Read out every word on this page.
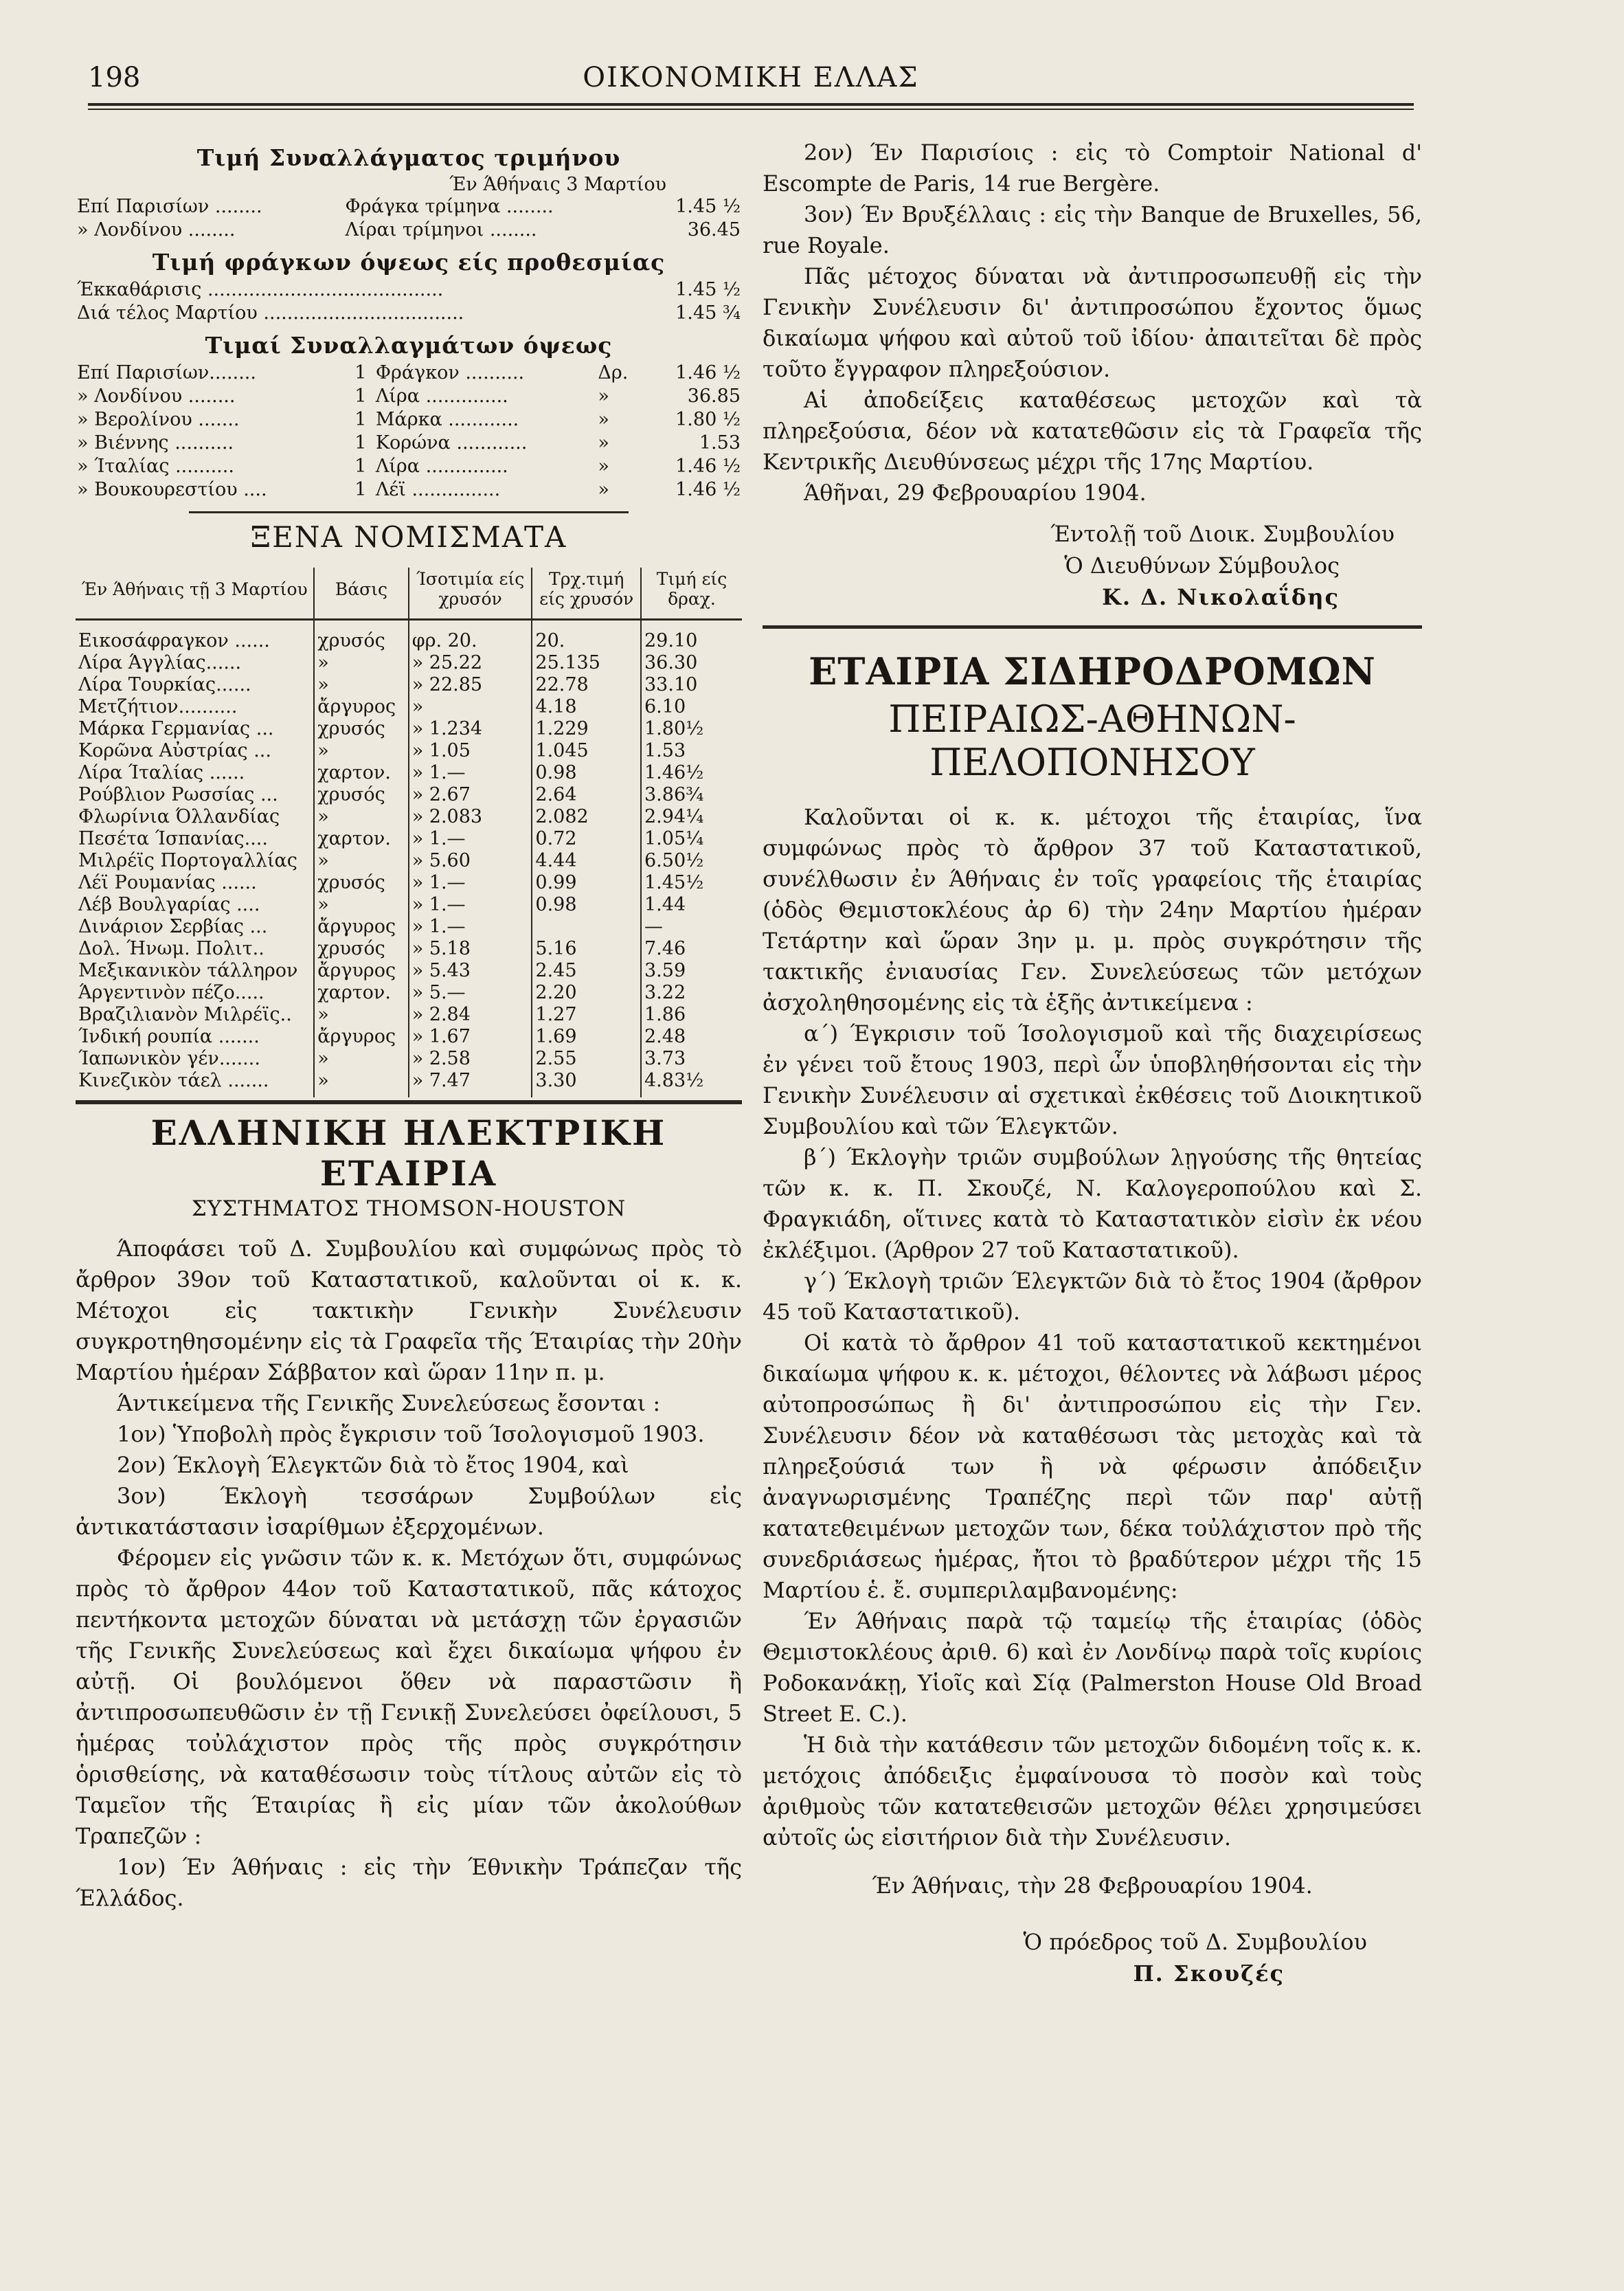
198	ΟΙΚΟΝΟΜΙΚΗ ΕΛΛΑΣ
Τιμή Συναλλάγματος τριμήνου
Έν Άθήναις 3 Μαρτίου
Επί Παρισίων ........	Φράγκα τρίμηνα ........	1.45 ½
» Λονδίνου ........	Λίραι τρίμηνοι ........	36.45
Τιμή φράγκων όψεως είς προθεσμίας
Έκκαθάρισις ........................................	1.45 ½
Διά τέλος Μαρτίου ..................................	1.45 ¾
Τιμαί Συναλλαγμάτων όψεως
Επί Παρισίων........	1	Φράγκον ..........	Δρ.	1.46 ½
» Λονδίνου ........	1	Λίρα ..............	»	36.85
» Βερολίνου .......	1	Μάρκα ............	»	1.80 ½
» Βιέννης ..........	1	Κορώνα ............	»	1.53
» Ίταλίας ..........	1	Λίρα ..............	»	1.46 ½
» Βουκουρεστίου ....	1	Λέϊ ...............	»	1.46 ½
ΞΕΝΑ ΝΟΜΙΣΜΑΤΑ
Έν Άθήναις τῇ 3 Μαρτίου	Βάσις	Ίσοτιμία είς χρυσόν	Τρχ.τιμή είς χρυσόν	Τιμή είς δραχ.
Εικοσάφραγκον ......	χρυσός	φρ. 20.	20.	29.10
Λίρα Άγγλίας......	»	» 25.22	25.135	36.30
Λίρα Τουρκίας......	»	» 22.85	22.78	33.10
Μετζήτιον..........	ἄργυρος	»	4.18	6.10
Μάρκα Γερμανίας ...	χρυσός	» 1.234	1.229	1.80½
Κορῶνα Αὐστρίας ...	»	» 1.05	1.045	1.53
Λίρα Ίταλίας ......	χαρτον.	» 1.—	0.98	1.46½
Ρούβλιον Ρωσσίας ...	χρυσός	» 2.67	2.64	3.86¾
Φλωρίνια Όλλανδίας	»	» 2.083	2.082	2.94¼
Πεσέτα Ίσπανίας....	χαρτον.	» 1.—	0.72	1.05¼
Μιλρέϊς Πορτογαλλίας	»	» 5.60	4.44	6.50½
Λέϊ Ρουμανίας ......	χρυσός	» 1.—	0.99	1.45½
Λέβ Βουλγαρίας ....	»	» 1.—	0.98	1.44
Δινάριον Σερβίας ...	ἄργυρος	» 1.—		—
Δολ. Ήνωμ. Πολιτ..	χρυσός	» 5.18	5.16	7.46
Μεξικανικὸν τάλληρον	ἄργυρος	» 5.43	2.45	3.59
Άργεντινὸν πέζο.....	χαρτον.	» 5.—	2.20	3.22
Βραζιλιανὸν Μιλρέϊς..	»	» 2.84	1.27	1.86
Ίνδική ρουπία .......	ἄργυρος	» 1.67	1.69	2.48
Ίαπωνικὸν γέν.......	»	» 2.58	2.55	3.73
Κινεζικὸν τάελ .......	»	» 7.47	3.30	4.83½
ΕΛΛΗΝΙΚΗ ΗΛΕΚΤΡΙΚΗ ΕΤΑΙΡΙΑ
ΣΥΣΤΗΜΑΤΟΣ THOMSON-HOUSTON

Άποφάσει τοῦ Δ. Συμβουλίου καὶ συμφώνως πρὸς τὸ ἄρθρον 39ον τοῦ Καταστατικοῦ, καλοῦνται οἱ κ. κ. Μέτοχοι εἰς τακτικὴν Γενικὴν Συνέλευσιν συγκροτηθησομένην εἰς τὰ Γραφεῖα τῆς Έταιρίας τὴν 20ὴν Μαρτίου ἡμέραν Σάββατον καὶ ὥραν 11ην π. μ.

Άντικείμενα τῆς Γενικῆς Συνελεύσεως ἔσονται :

1ον) Ὑποβολὴ πρὸς ἔγκρισιν τοῦ Ίσολογισμοῦ 1903.

2ον) Έκλογὴ Έλεγκτῶν διὰ τὸ ἔτος 1904, καὶ

3ον) Έκλογὴ τεσσάρων Συμβούλων εἰς ἀντικατάστασιν ἰσαρίθμων ἐξερχομένων.

Φέρομεν εἰς γνῶσιν τῶν κ. κ. Μετόχων ὅτι, συμφώνως πρὸς τὸ ἄρθρον 44ον τοῦ Καταστατικοῦ, πᾶς κάτοχος πεντήκοντα μετοχῶν δύναται νὰ μετάσχῃ τῶν ἐργασιῶν τῆς Γενικῆς Συνελεύσεως καὶ ἔχει δικαίωμα ψήφου ἐν αὐτῇ. Οἱ βουλόμενοι ὅθεν νὰ παραστῶσιν ἢ ἀντιπροσωπευθῶσιν ἐν τῇ Γενικῇ Συνελεύσει ὀφείλουσι, 5 ἡμέρας τοὐλάχιστον πρὸς τῆς πρὸς συγκρότησιν ὁρισθείσης, νὰ καταθέσωσιν τοὺς τίτλους αὐτῶν εἰς τὸ Ταμεῖον τῆς Έταιρίας ἢ εἰς μίαν τῶν ἀκολούθων Τραπεζῶν :

1ον) Έν Άθήναις : εἰς τὴν Έθνικὴν Τράπεζαν τῆς Έλλάδος.

2ον) Έν Παρισίοις : εἰς τὸ Comptoir National d' Escompte de Paris, 14 rue Bergère.

3ον) Έν Βρυξέλλαις : εἰς τὴν Banque de Bruxelles, 56, rue Royale.

Πᾶς μέτοχος δύναται νὰ ἀντιπροσωπευθῇ εἰς τὴν Γενικὴν Συνέλευσιν δι' ἀντιπροσώπου ἔχοντος ὅμως δικαίωμα ψήφου καὶ αὐτοῦ τοῦ ἰδίου· ἀπαιτεῖται δὲ πρὸς τοῦτο ἔγγραφον πληρεξούσιον.

Αἱ ἀποδείξεις καταθέσεως μετοχῶν καὶ τὰ πληρεξούσια, δέον νὰ κατατεθῶσιν εἰς τὰ Γραφεῖα τῆς Κεντρικῆς Διευθύνσεως μέχρι τῆς 17ης Μαρτίου.

Άθῆναι, 29 Φεβρουαρίου 1904.

Έντολῇ τοῦ Διοικ. Συμβουλίου
Ὁ Διευθύνων Σύμβουλος
Κ. Δ. Νικολαΐδης
ΕΤΑΙΡΙΑ ΣΙΔΗΡΟΔΡΟΜΩΝ
ΠΕΙΡΑΙΩΣ-ΑΘΗΝΩΝ-ΠΕΛΟΠΟΝΗΣΟΥ

Καλοῦνται οἱ κ. κ. μέτοχοι τῆς ἑταιρίας, ἵνα συμφώνως πρὸς τὸ ἄρθρον 37 τοῦ Καταστατικοῦ, συνέλθωσιν ἐν Άθήναις ἐν τοῖς γραφείοις τῆς ἑταιρίας (ὁδὸς Θεμιστοκλέους ἀρ 6) τὴν 24ην Μαρτίου ἡμέραν Τετάρτην καὶ ὥραν 3ην μ. μ. πρὸς συγκρότησιν τῆς τακτικῆς ἐνιαυσίας Γεν. Συνελεύσεως τῶν μετόχων ἀσχοληθησομένης εἰς τὰ ἑξῆς ἀντικείμενα :

α´) Έγκρισιν τοῦ Ίσολογισμοῦ καὶ τῆς διαχειρίσεως ἐν γένει τοῦ ἔτους 1903, περὶ ὧν ὑποβληθήσονται εἰς τὴν Γενικὴν Συνέλευσιν αἱ σχετικαὶ ἐκθέσεις τοῦ Διοικητικοῦ Συμβουλίου καὶ τῶν Έλεγκτῶν.

β´) Έκλογὴν τριῶν συμβούλων λῃγούσης τῆς θητείας τῶν κ. κ. Π. Σκουζέ, Ν. Καλογεροπούλου καὶ Σ. Φραγκιάδη, οἵτινες κατὰ τὸ Καταστατικὸν εἰσὶν ἐκ νέου ἐκλέξιμοι. (Άρθρον 27 τοῦ Καταστατικοῦ).

γ´) Έκλογὴ τριῶν Έλεγκτῶν διὰ τὸ ἔτος 1904 (ἄρθρον 45 τοῦ Καταστατικοῦ).

Οἱ κατὰ τὸ ἄρθρον 41 τοῦ καταστατικοῦ κεκτημένοι δικαίωμα ψήφου κ. κ. μέτοχοι, θέλοντες νὰ λάβωσι μέρος αὐτοπροσώπως ἢ δι' ἀντιπροσώπου εἰς τὴν Γεν. Συνέλευσιν δέον νὰ καταθέσωσι τὰς μετοχὰς καὶ τὰ πληρεξούσιά των ἢ νὰ φέρωσιν ἀπόδειξιν ἀναγνωρισμένης Τραπέζης περὶ τῶν παρ' αὐτῇ κατατεθειμένων μετοχῶν των, δέκα τοὐλάχιστον πρὸ τῆς συνεδριάσεως ἡμέρας, ἤτοι τὸ βραδύτερον μέχρι τῆς 15 Μαρτίου ἑ. ἔ. συμπεριλαμβανομένης:

Έν Άθήναις παρὰ τῷ ταμείῳ τῆς ἑταιρίας (ὁδὸς Θεμιστοκλέους ἀριθ. 6) καὶ ἐν Λονδίνῳ παρὰ τοῖς κυρίοις Ροδοκανάκῃ, Υἱοῖς καὶ Σίᾳ (Palmerston House Old Broad Street E. C.).

Ἡ διὰ τὴν κατάθεσιν τῶν μετοχῶν διδομένη τοῖς κ. κ. μετόχοις ἀπόδειξις ἐμφαίνουσα τὸ ποσὸν καὶ τοὺς ἀριθμοὺς τῶν κατατεθεισῶν μετοχῶν θέλει χρησιμεύσει αὐτοῖς ὡς εἰσιτήριον διὰ τὴν Συνέλευσιν.

Έν Άθήναις, τὴν 28 Φεβρουαρίου 1904.
Ὁ πρόεδρος τοῦ Δ. Συμβουλίου
Π. Σκουζές
